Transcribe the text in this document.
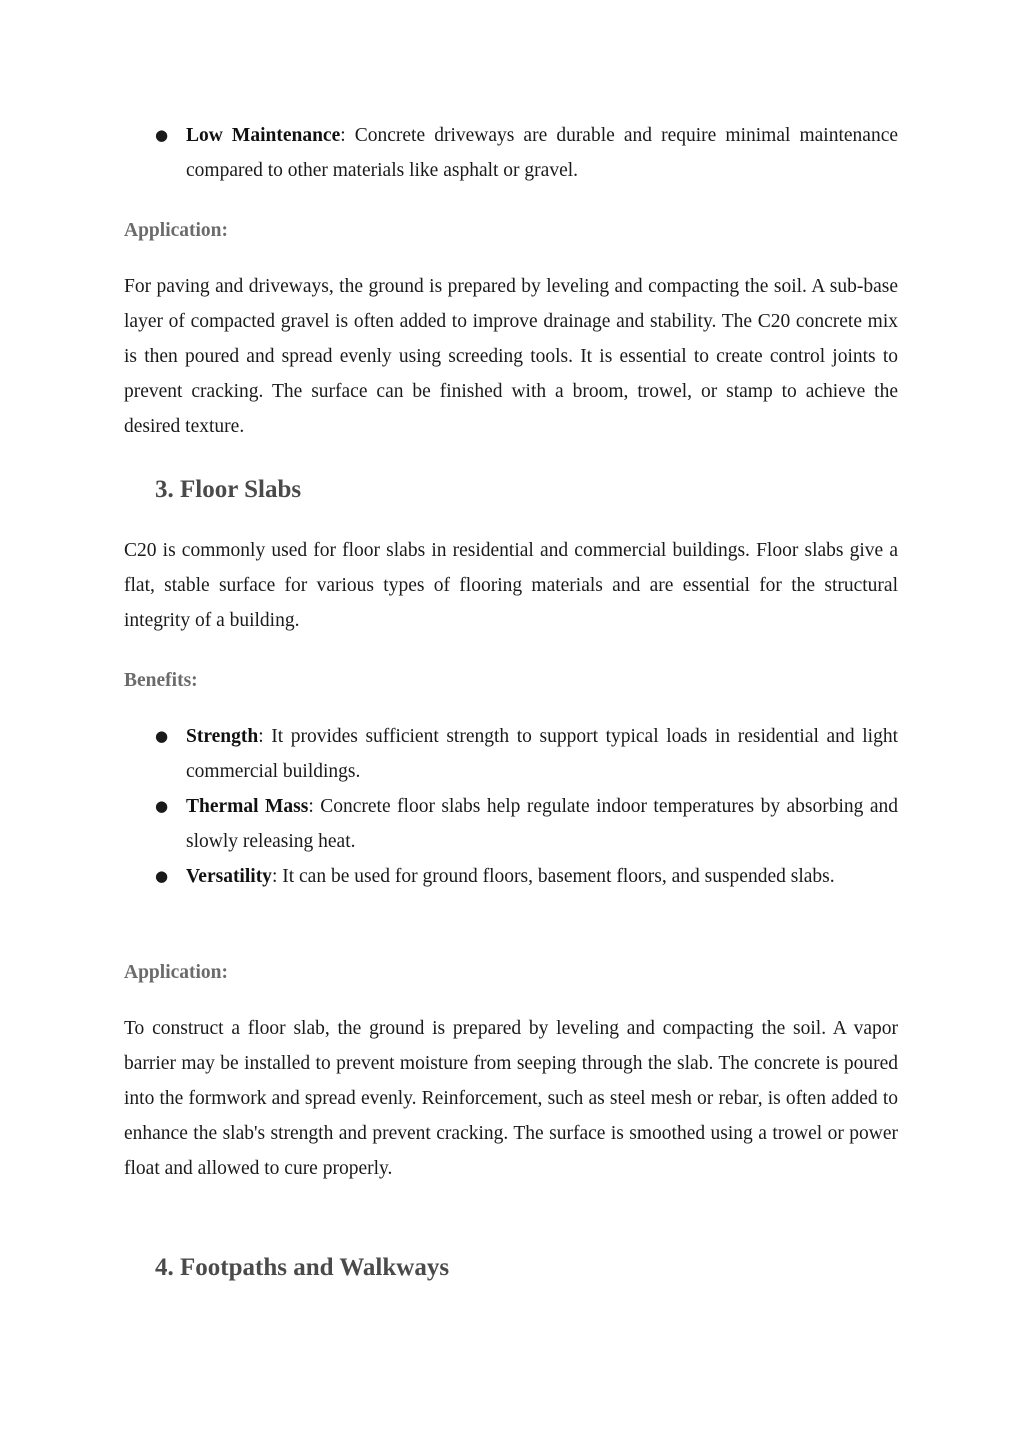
● Low Maintenance: Concrete driveways are durable and require minimal maintenance compared to other materials like asphalt or gravel.
Application:

For paving and driveways, the ground is prepared by leveling and compacting the soil. A sub-base layer of compacted gravel is often added to improve drainage and stability. The C20 concrete mix is then poured and spread evenly using screeding tools. It is essential to create control joints to prevent cracking. The surface can be finished with a broom, trowel, or stamp to achieve the desired texture.

3. Floor Slabs

C20 is commonly used for floor slabs in residential and commercial buildings. Floor slabs give a flat, stable surface for various types of flooring materials and are essential for the structural integrity of a building.

Benefits:
● Strength: It provides sufficient strength to support typical loads in residential and light commercial buildings.
● Thermal Mass: Concrete floor slabs help regulate indoor temperatures by absorbing and slowly releasing heat.
● Versatility: It can be used for ground floors, basement floors, and suspended slabs.
Application:

To construct a floor slab, the ground is prepared by leveling and compacting the soil. A vapor barrier may be installed to prevent moisture from seeping through the slab. The concrete is poured into the formwork and spread evenly. Reinforcement, such as steel mesh or rebar, is often added to enhance the slab's strength and prevent cracking. The surface is smoothed using a trowel or power float and allowed to cure properly.

4. Footpaths and Walkways
